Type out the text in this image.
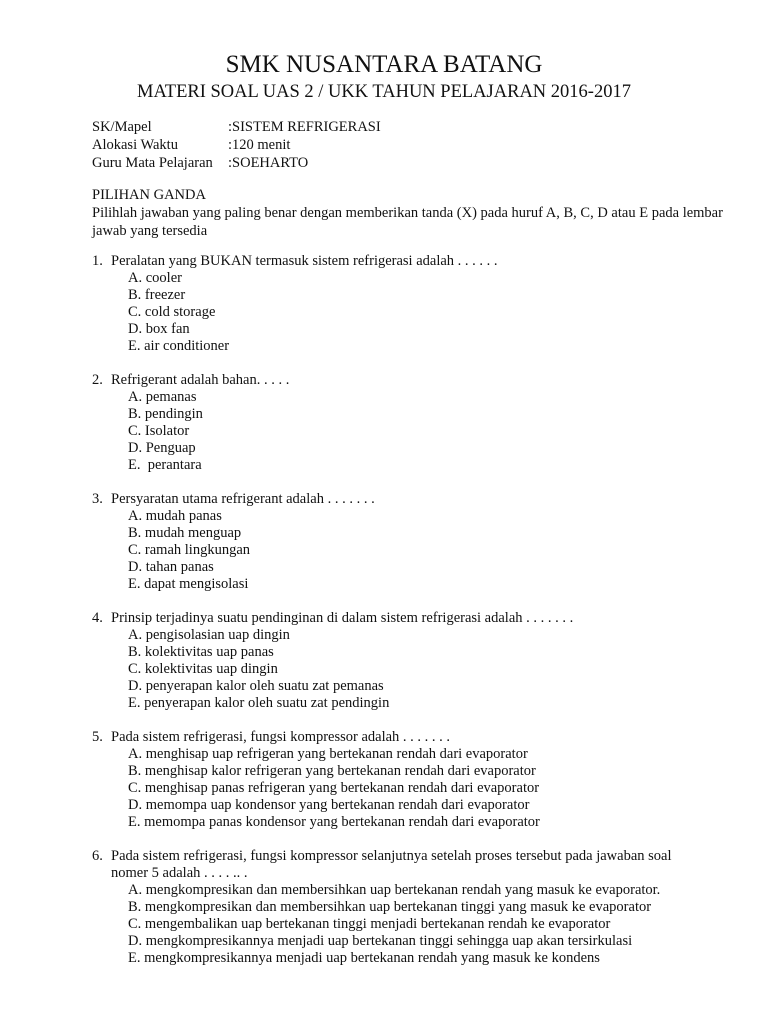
SMK NUSANTARA BATANG
MATERI SOAL UAS 2 / UKK TAHUN PELAJARAN 2016-2017
SK/Mapel	: SISTEM REFRIGERASI
Alokasi Waktu	: 120 menit
Guru Mata Pelajaran	: SOEHARTO
PILIHAN GANDA
Pilihlah jawaban yang paling benar dengan memberikan tanda (X) pada huruf A, B, C, D atau E pada lembar jawab yang tersedia
1. Peralatan yang BUKAN termasuk sistem refrigerasi adalah . . . . . .
A. cooler
B. freezer
C. cold storage
D. box fan
E. air conditioner
2. Refrigerant adalah bahan. . . . .
A. pemanas
B. pendingin
C. Isolator
D. Penguap
E. perantara
3. Persyaratan utama refrigerant adalah . . . . . . .
A. mudah panas
B. mudah menguap
C. ramah lingkungan
D. tahan panas
E. dapat mengisolasi
4. Prinsip terjadinya suatu pendinginan di dalam sistem refrigerasi adalah . . . . . . .
A. pengisolasian uap dingin
B. kolektivitas uap panas
C. kolektivitas uap dingin
D. penyerapan kalor oleh suatu zat pemanas
E. penyerapan kalor oleh suatu zat pendingin
5. Pada sistem refrigerasi, fungsi kompressor adalah . . . . . . .
A. menghisap uap refrigeran yang bertekanan rendah dari evaporator
B. menghisap kalor refrigeran yang bertekanan rendah dari evaporator
C. menghisap panas refrigeran yang bertekanan rendah dari evaporator
D. memompa uap kondensor yang bertekanan rendah dari evaporator
E. memompa panas kondensor yang bertekanan rendah dari evaporator
6. Pada sistem refrigerasi, fungsi kompressor selanjutnya setelah proses tersebut pada jawaban soal
nomer 5 adalah . . . . .. .
A. mengkompresikan dan membersihkan uap bertekanan rendah yang masuk ke evaporator.
B. mengkompresikan dan membersihkan uap bertekanan tinggi yang masuk ke evaporator
C. mengembalikan uap bertekanan tinggi menjadi bertekanan rendah ke evaporator
D. mengkompresikannya menjadi uap bertekanan tinggi sehingga uap akan tersirkulasi
E. mengkompresikannya menjadi uap bertekanan rendah yang masuk ke kondens
